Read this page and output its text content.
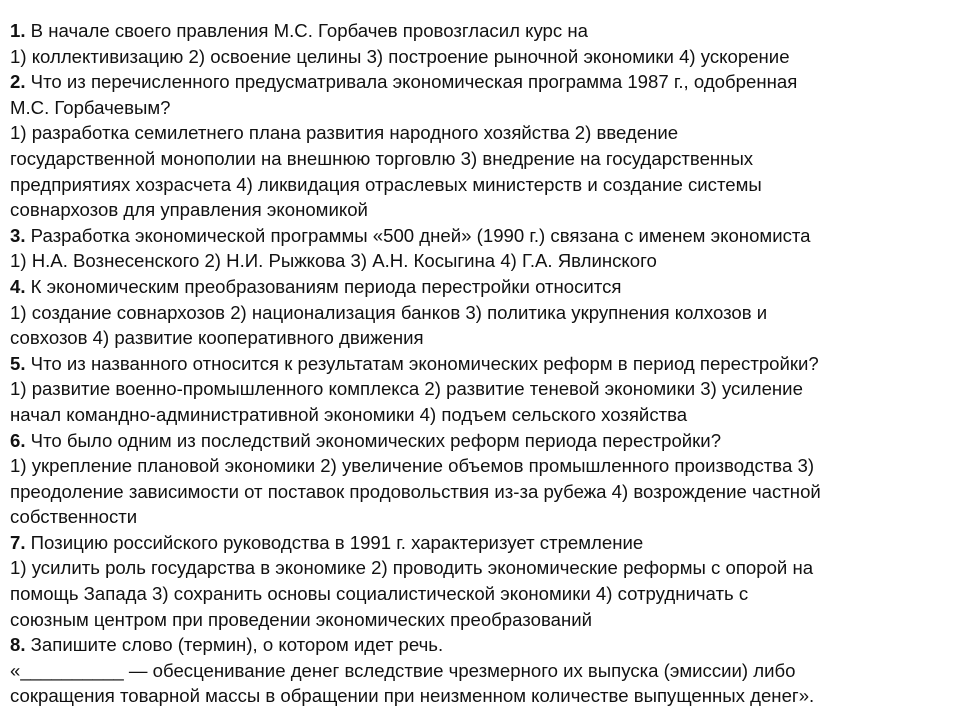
1. В начале своего правления М.С. Горбачев провозгласил курс на
1) коллективизацию 2) освоение целины 3) построение рыночной экономики 4) ускорение
2. Что из перечисленного предусматривала экономическая программа 1987 г., одобренная
М.С. Горбачевым?
1) разработка семилетнего плана развития народного хозяйства 2) введение
государственной монополии на внешнюю торговлю 3) внедрение на государственных
предприятиях хозрасчета 4) ликвидация отраслевых министерств и создание системы
совнархозов для управления экономикой
3. Разработка экономической программы «500 дней» (1990 г.) связана с именем экономиста
1) Н.А. Вознесенского 2) Н.И. Рыжкова 3) А.Н. Косыгина 4) Г.А. Явлинского
4. К экономическим преобразованиям периода перестройки относится
1) создание совнархозов 2) национализация банков 3) политика укрупнения колхозов и
совхозов 4) развитие кооперативного движения
5. Что из названного относится к результатам экономических реформ в период перестройки?
1) развитие военно-промышленного комплекса 2) развитие теневой экономики 3) усиление
начал командно-административной экономики 4) подъем сельского хозяйства
6. Что было одним из последствий экономических реформ периода перестройки?
1) укрепление плановой экономики 2) увеличение объемов промышленного производства 3)
преодоление зависимости от поставок продовольствия из-за рубежа 4) возрождение частной
собственности
7. Позицию российского руководства в 1991 г. характеризует стремление
1) усилить роль государства в экономике 2) проводить экономические реформы с опорой на
помощь Запада 3) сохранить основы социалистической экономики 4) сотрудничать с
союзным центром при проведении экономических преобразований
8. Запишите слово (термин), о котором идет речь.
«__________ — обесценивание денег вследствие чрезмерного их выпуска (эмиссии) либо
сокращения товарной массы в обращении при неизменном количестве выпущенных денег».
